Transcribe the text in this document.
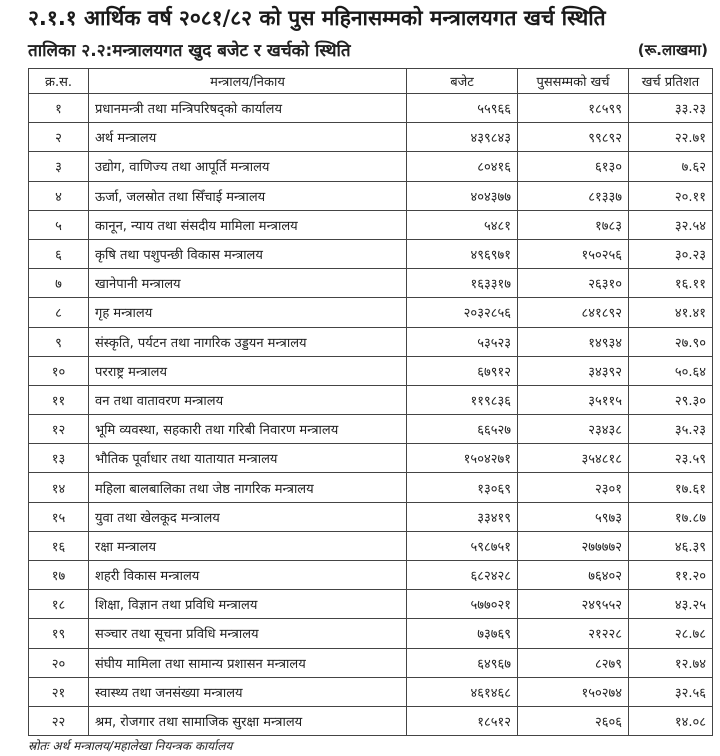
२.१.१ आर्थिक वर्ष २०८१/८२ को पुस महिनासम्मको मन्त्रालयगत खर्च स्थिति
तालिका २.२:मन्त्रालयगत खुद बजेट र खर्चको स्थिति	(रू.लाखमा)
क्र.स.	मन्त्रालय/निकाय	बजेट	पुससम्मको खर्च	खर्च प्रतिशत
१	प्रधानमन्त्री तथा मन्त्रिपरिषद्को कार्यालय	५५९६६	१८५९९	३३.२३
२	अर्थ मन्त्रालय	४३९८४३	९९८९२	२२.७१
३	उद्योग, वाणिज्य तथा आपूर्ति मन्त्रालय	८०४१६	६१३०	७.६२
४	ऊर्जा, जलस्रोत तथा सिँचाई मन्त्रालय	४०४३७७	८१३३७	२०.११
५	कानून, न्याय तथा संसदीय मामिला मन्त्रालय	५४८१	१७८३	३२.५४
६	कृषि तथा पशुपन्छी विकास मन्त्रालय	४९६९७१	१५०२५६	३०.२३
७	खानेपानी मन्त्रालय	१६३३१७	२६३१०	१६.११
८	गृह मन्त्रालय	२०३२८५६	८४१८९२	४१.४१
९	संस्कृति, पर्यटन तथा नागरिक उड्डयन मन्त्रालय	५३५२३	१४९३४	२७.९०
१०	परराष्ट्र मन्त्रालय	६७९१२	३४३९२	५०.६४
११	वन तथा वातावरण मन्त्रालय	११९८३६	३५११५	२९.३०
१२	भूमि व्यवस्था, सहकारी तथा गरिबी निवारण मन्त्रालय	६६५२७	२३४३८	३५.२३
१३	भौतिक पूर्वाधार तथा यातायात मन्त्रालय	१५०४२७१	३५४८१८	२३.५९
१४	महिला बालबालिका तथा जेष्ठ नागरिक मन्त्रालय	१३०६९	२३०१	१७.६१
१५	युवा तथा खेलकूद मन्त्रालय	३३४१९	५९७३	१७.८७
१६	रक्षा मन्त्रालय	५९८७५१	२७७७७२	४६.३९
१७	शहरी विकास मन्त्रालय	६८२४२८	७६४०२	११.२०
१८	शिक्षा, विज्ञान तथा प्रविधि मन्त्रालय	५७७०२१	२४९५५२	४३.२५
१९	सञ्चार तथा सूचना प्रविधि मन्त्रालय	७३७६९	२१२२८	२८.७८
२०	संघीय मामिला तथा सामान्य प्रशासन मन्त्रालय	६४९६७	८२७९	१२.७४
२१	स्वास्थ्य तथा जनसंख्या मन्त्रालय	४६१४६८	१५०२७४	३२.५६
२२	श्रम, रोजगार तथा सामाजिक सुरक्षा मन्त्रालय	१८५१२	२६०६	१४.०८
स्रोतः अर्थ मन्त्रालय/महालेखा नियन्त्रक कार्यालय
